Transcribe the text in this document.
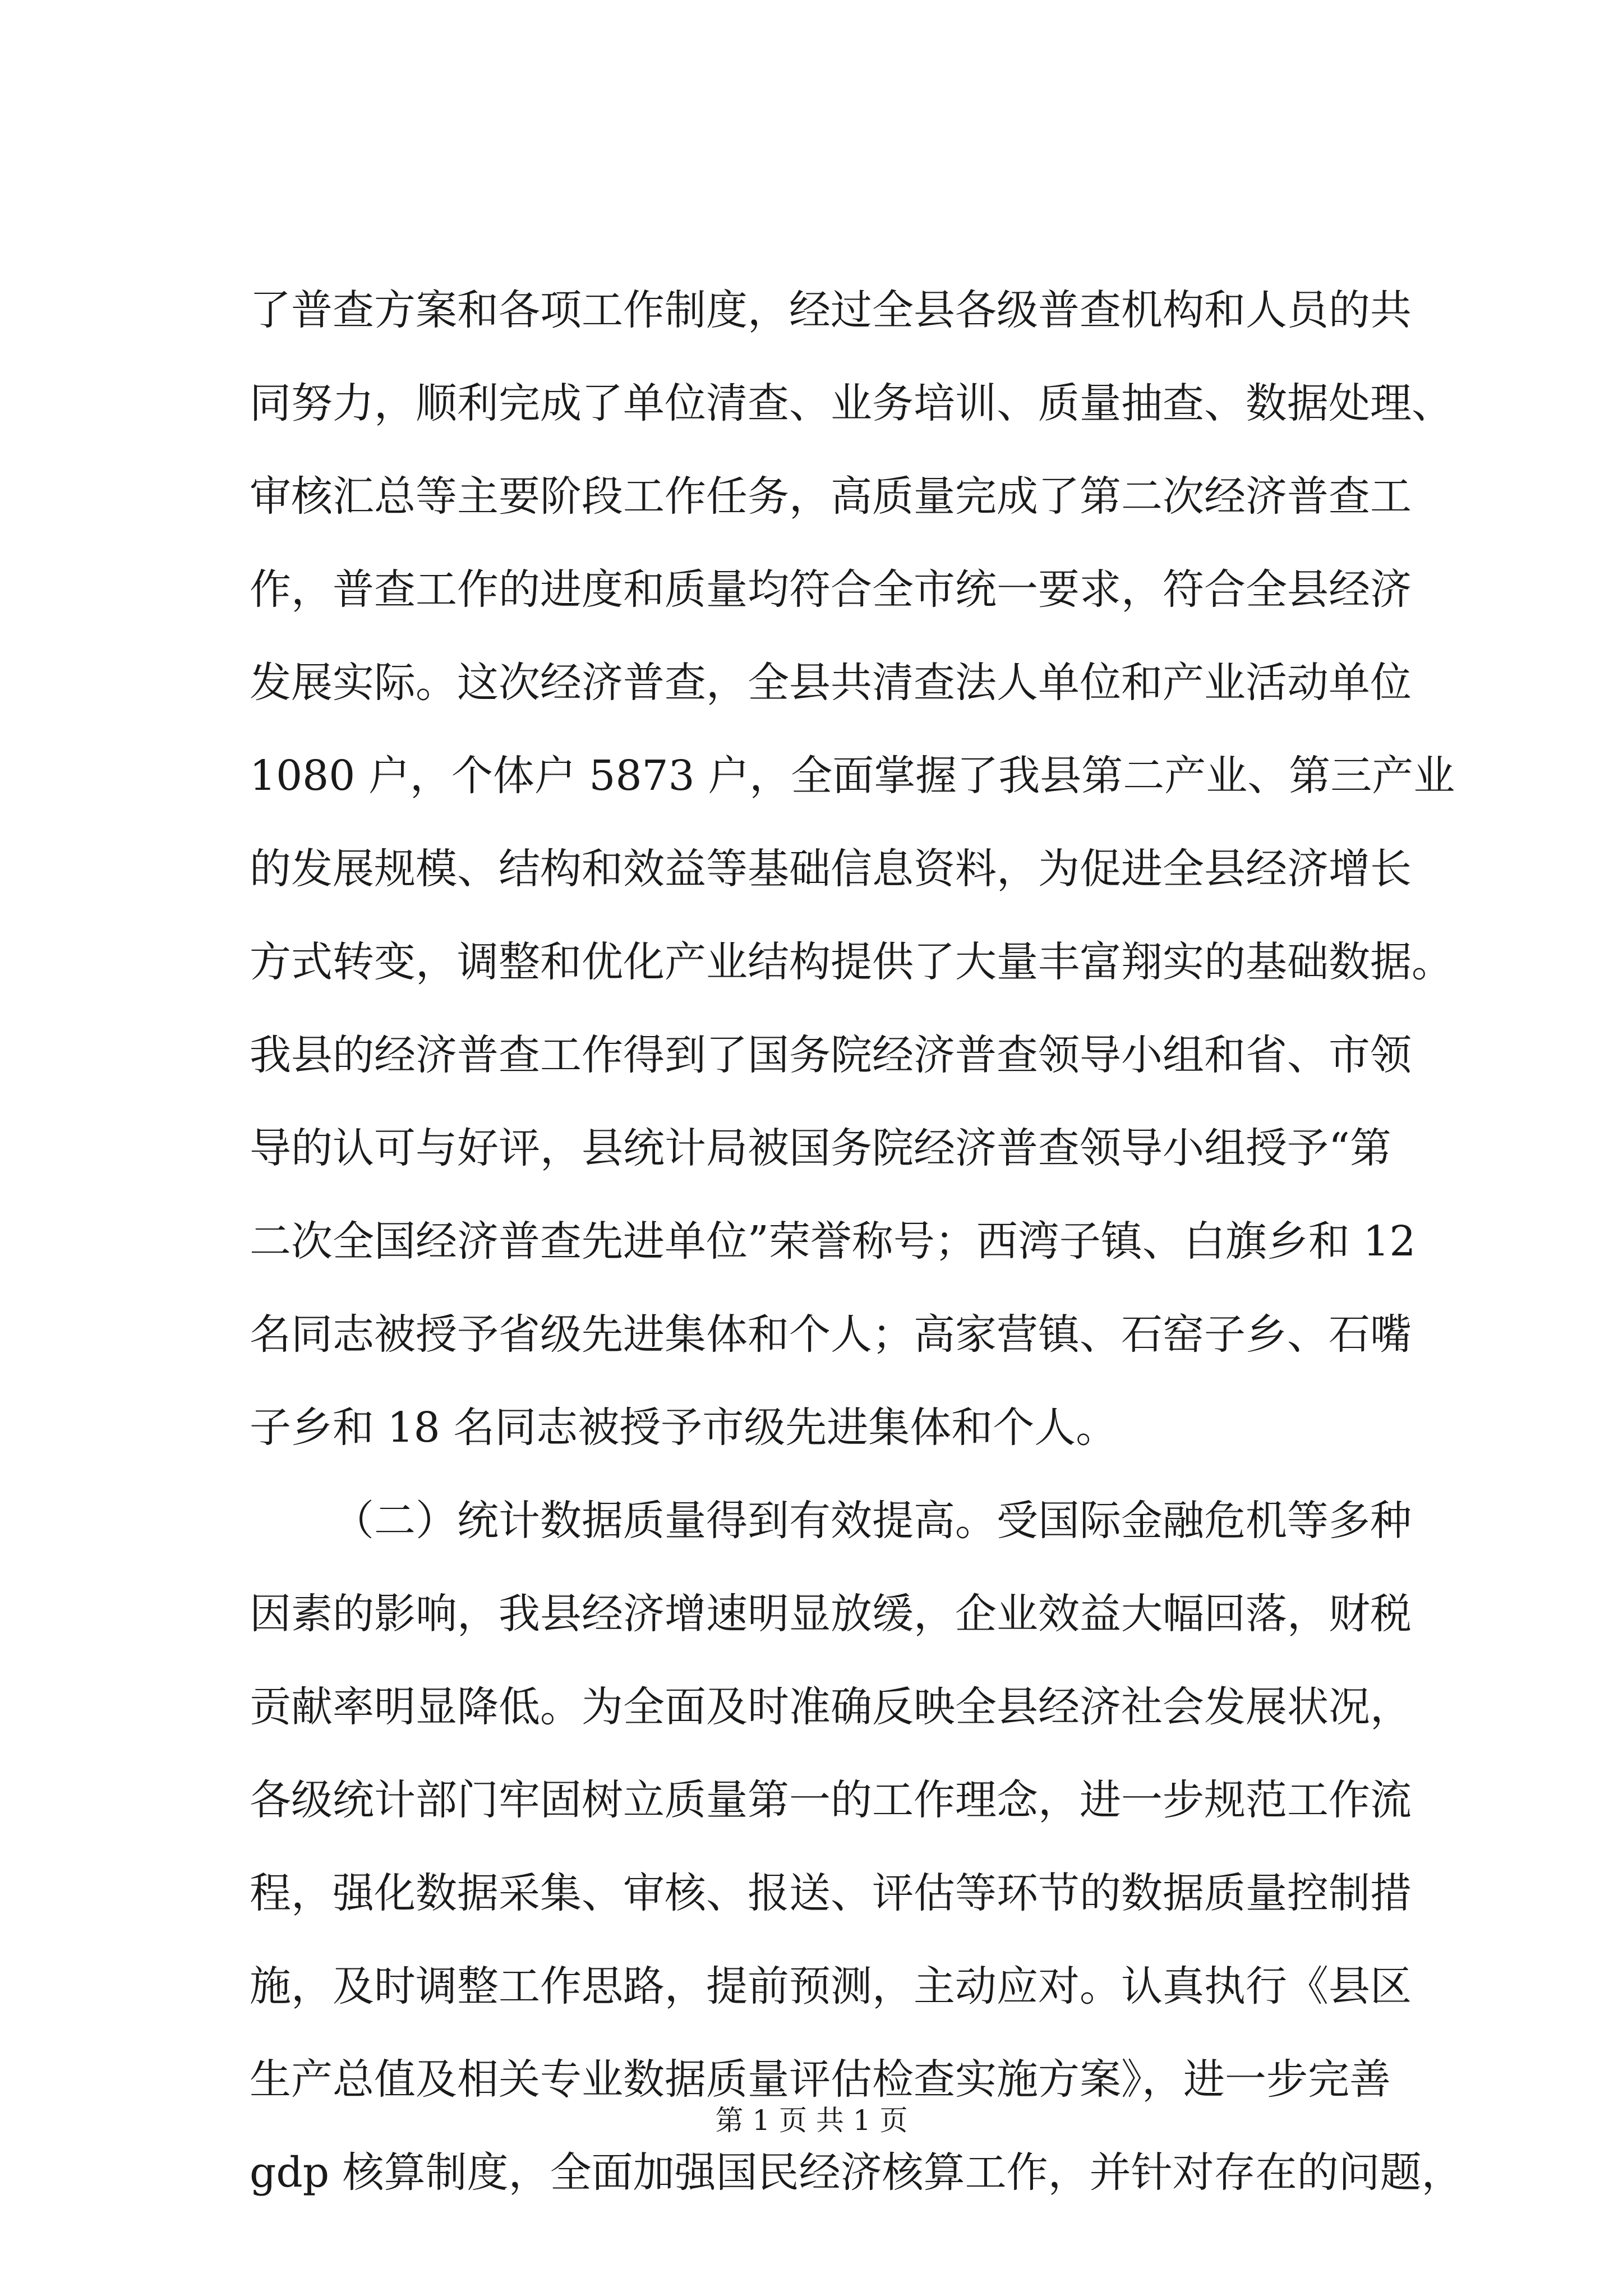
了普查方案和各项工作制度，经过全县各级普查机构和人员的共
同努力，顺利完成了单位清查、业务培训、质量抽查、数据处理、
审核汇总等主要阶段工作任务，高质量完成了第二次经济普查工
作，普查工作的进度和质量均符合全市统一要求，符合全县经济
发展实际。这次经济普查，全县共清查法人单位和产业活动单位
1080 户，个体户 5873 户，全面掌握了我县第二产业、第三产业
的发展规模、结构和效益等基础信息资料，为促进全县经济增长
方式转变，调整和优化产业结构提供了大量丰富翔实的基础数据。
我县的经济普查工作得到了国务院经济普查领导小组和省、市领
导的认可与好评，县统计局被国务院经济普查领导小组授予“第
二次全国经济普查先进单位”荣誉称号；西湾子镇、白旗乡和 12
名同志被授予省级先进集体和个人；高家营镇、石窑子乡、石嘴
子乡和 18 名同志被授予市级先进集体和个人。
（二）统计数据质量得到有效提高。受国际金融危机等多种
因素的影响，我县经济增速明显放缓，企业效益大幅回落，财税
贡献率明显降低。为全面及时准确反映全县经济社会发展状况，
各级统计部门牢固树立质量第一的工作理念，进一步规范工作流
程，强化数据采集、审核、报送、评估等环节的数据质量控制措
施，及时调整工作思路，提前预测，主动应对。认真执行《县区
生产总值及相关专业数据质量评估检查实施方案》，进一步完善
gdp 核算制度，全面加强国民经济核算工作，并针对存在的问题，
第 1 页 共 1 页
